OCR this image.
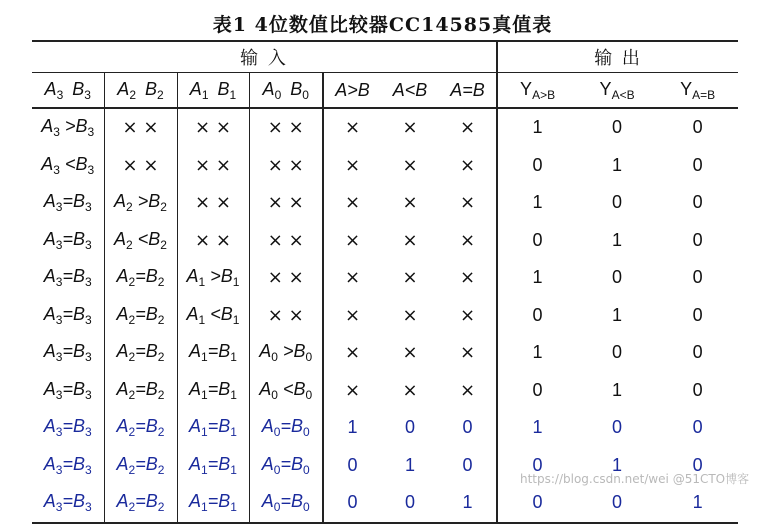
表1 4位数值比较器CC14585真值表
输 入							输 出		
$A_3$ $B_3$	$A_2$ $B_2$	$A_1$ $B_1$	$A_0$ $B_0$	A>B	A<B	A=B	$Y_{A>B}$	$Y_{A<B}$	$Y_{A=B}$
$A_3 >B_3$	× ×	× ×	× ×	×	×	×	1	0	0
$A_3 <B_3$	× ×	× ×	× ×	×	×	×	0	1	0
$A_3=B_3$	$A_2 >B_2$	× ×	× ×	×	×	×	1	0	0
$A_3=B_3$	$A_2 <B_2$	× ×	× ×	×	×	×	0	1	0
$A_3=B_3$	$A_2=B_2$	$A_1 >B_1$	× ×	×	×	×	1	0	0
$A_3=B_3$	$A_2=B_2$	$A_1 <B_1$	× ×	×	×	×	0	1	0
$A_3=B_3$	$A_2=B_2$	$A_1=B_1$	$A_0 >B_0$	×	×	×	1	0	0
$A_3=B_3$	$A_2=B_2$	$A_1=B_1$	$A_0 <B_0$	×	×	×	0	1	0
$A_3=B_3$	$A_2=B_2$	$A_1=B_1$	$A_0=B_0$	1	0	0	1	0	0
$A_3=B_3$	$A_2=B_2$	$A_1=B_1$	$A_0=B_0$	0	1	0	0	1	0
$A_3=B_3$	$A_2=B_2$	$A_1=B_1$	$A_0=B_0$	0	0	1	0	0	1
https://blog.csdn.net/wei @51CTO博客
